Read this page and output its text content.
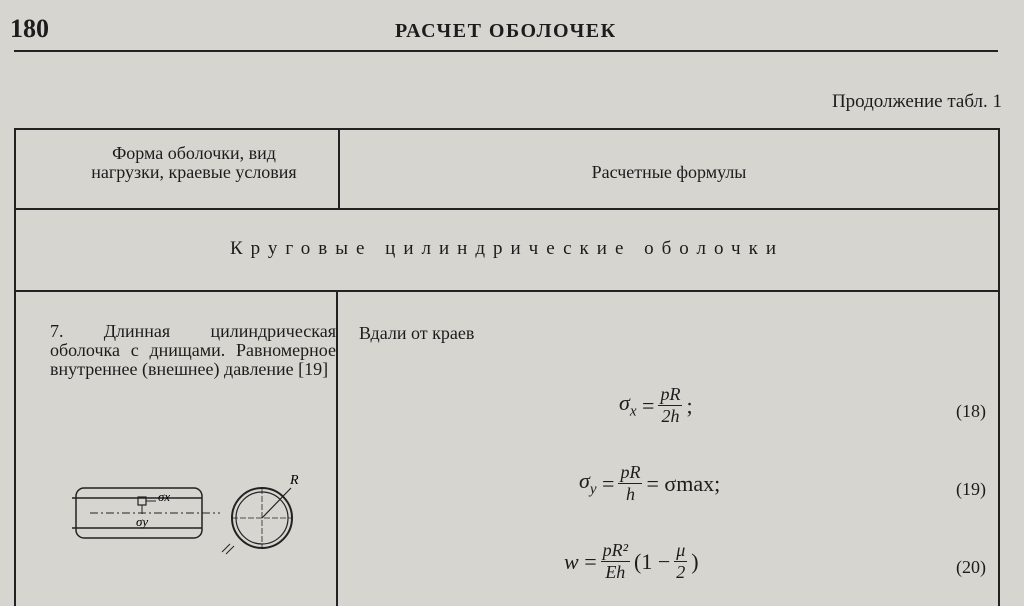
180	РАСЧЕТ ОБОЛОЧЕК
Продолжение табл. 1
Форма оболочки, вид
нагрузки, краевые условия	Расчетные формулы
Круговые цилиндрические оболочки
7. Длинная цилиндрическая оболочка с днищами. Равномерное внутреннее (внешнее) давление [19]
σx
σy
R
Вдали от краев
$\sigma_x = \frac{pR}{2h}$ ;	(18)
$\sigma_y = \frac{pR}{h} = \sigma\max$;	(19)
$w = \frac{\text{pR²}}{Eh} (1 - \frac{\mu}{2}$ )	(20)
